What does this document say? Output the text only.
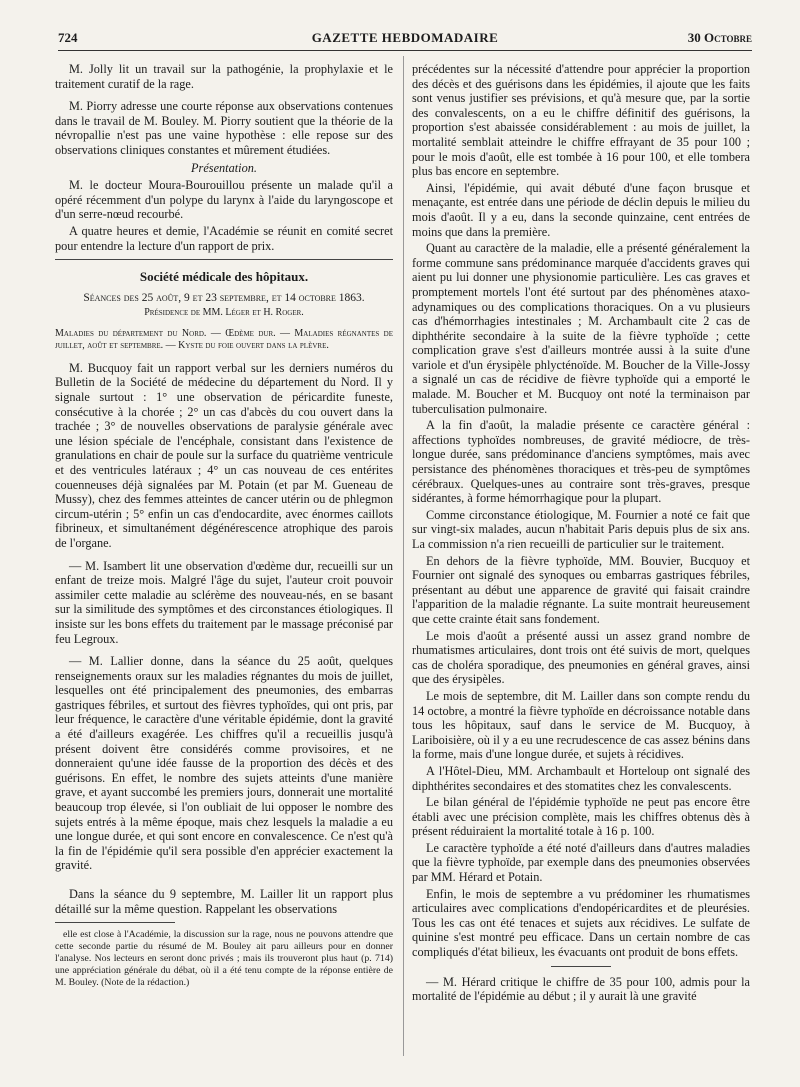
724	GAZETTE HEBDOMADAIRE	30 Octobre

M. Jolly lit un travail sur la pathogénie, la prophylaxie et le traitement curatif de la rage.

M. Piorry adresse une courte réponse aux observations contenues dans le travail de M. Bouley. M. Piorry soutient que la théorie de la névropallie n'est pas une vaine hypothèse : elle repose sur des observations cliniques constantes et mûrement étudiées.

Présentation.

M. le docteur Moura-Bourouillou présente un malade qu'il a opéré récemment d'un polype du larynx à l'aide du laryngoscope et d'un serre-nœud recourbé.

A quatre heures et demie, l'Académie se réunit en comité secret pour entendre la lecture d'un rapport de prix.

Société médicale des hôpitaux.

Séances des 25 août, 9 et 23 septembre, et 14 octobre 1863.

Présidence de MM. Léger et H. Roger.

Maladies du département du Nord. — Œdème dur. — Maladies régnantes de juillet, août et septembre. — Kyste du foie ouvert dans la plèvre.

M. Bucquoy fait un rapport verbal sur les derniers numéros du Bulletin de la Société de médecine du département du Nord. Il y signale surtout : 1° une observation de péricardite funeste, consécutive à la chorée ; 2° un cas d'abcès du cou ouvert dans la trachée ; 3° de nouvelles observations de paralysie générale avec une lésion spéciale de l'encéphale, consistant dans l'existence de granulations en chair de poule sur la surface du quatrième ventricule et des ventricules latéraux ; 4° un cas nouveau de ces entérites couenneuses déjà signalées par M. Potain (et par M. Gueneau de Mussy), chez des femmes atteintes de cancer utérin ou de phlegmon circum-utérin ; 5° enfin un cas d'endocardite, avec énormes caillots fibrineux, et simultanément dégénérescence atrophique des parois de l'organe.

— M. Isambert lit une observation d'œdème dur, recueilli sur un enfant de treize mois. Malgré l'âge du sujet, l'auteur croit pouvoir assimiler cette maladie au sclérème des nouveau-nés, en se basant sur la similitude des symptômes et des circonstances étiologiques. Il insiste sur les bons effets du traitement par le massage préconisé par feu Legroux.

— M. Lallier donne, dans la séance du 25 août, quelques renseignements oraux sur les maladies régnantes du mois de juillet, lesquelles ont été principalement des pneumonies, des embarras gastriques fébriles, et surtout des fièvres typhoïdes, qui ont pris, par leur fréquence, le caractère d'une véritable épidémie, dont la gravité a été d'ailleurs exagérée. Les chiffres qu'il a recueillis jusqu'à présent doivent être considérés comme provisoires, et ne donneraient qu'une idée fausse de la proportion des décès et des guérisons. En effet, le nombre des sujets atteints d'une manière grave, et ayant succombé les premiers jours, donnerait une mortalité beaucoup trop élevée, si l'on oubliait de lui opposer le nombre des sujets entrés à la même époque, mais chez lesquels la maladie a eu une longue durée, et qui sont encore en convalescence. Ce n'est qu'à la fin de l'épidémie qu'il sera possible d'en apprécier exactement la gravité.

Dans la séance du 9 septembre, M. Lailler lit un rapport plus détaillé sur la même question. Rappelant les observations

elle est close à l'Académie, la discussion sur la rage, nous ne pouvons attendre que cette seconde partie du résumé de M. Bouley ait paru ailleurs pour en donner l'analyse. Nos lecteurs en seront donc privés ; mais ils trouveront plus haut (p. 714) une appréciation générale du débat, où il a été tenu compte de la réponse entière de M. Bouley. (Note de la rédaction.)

précédentes sur la nécessité d'attendre pour apprécier la proportion des décès et des guérisons dans les épidémies, il ajoute que les faits sont venus justifier ses prévisions, et qu'à mesure que, par la sortie des convalescents, on a eu le chiffre définitif des guérisons, la proportion s'est abaissée considérablement : au mois de juillet, la mortalité semblait atteindre le chiffre effrayant de 35 pour 100 ; pour le mois d'août, elle est tombée à 16 pour 100, et elle tombera plus bas encore en septembre.

Ainsi, l'épidémie, qui avait débuté d'une façon brusque et menaçante, est entrée dans une période de déclin depuis le milieu du mois d'août. Il y a eu, dans la seconde quinzaine, cent entrées de moins que dans la première.

Quant au caractère de la maladie, elle a présenté généralement la forme commune sans prédominance marquée d'accidents graves qui aient pu lui donner une physionomie particulière. Les cas graves et promptement mortels l'ont été surtout par des phénomènes ataxo-adynamiques ou des complications thoraciques. On a vu plusieurs cas d'hémorrhagies intestinales ; M. Archambault cite 2 cas de diphthérite secondaire à la suite de la fièvre typhoïde ; cette complication grave s'est d'ailleurs montrée aussi à la suite d'une variole et d'un érysipèle phlycténoïde. M. Boucher de la Ville-Jossy a signalé un cas de récidive de fièvre typhoïde qui a emporté le malade. M. Boucher et M. Bucquoy ont noté la terminaison par tuberculisation pulmonaire.

A la fin d'août, la maladie présente ce caractère général : affections typhoïdes nombreuses, de gravité médiocre, de très-longue durée, sans prédominance d'anciens symptômes, mais avec persistance des phénomènes thoraciques et très-peu de symptômes cérébraux. Quelques-unes au contraire sont très-graves, presque sidérantes, à forme hémorrhagique pour la plupart.

Comme circonstance étiologique, M. Fournier a noté ce fait que sur vingt-six malades, aucun n'habitait Paris depuis plus de six ans. La commission n'a rien recueilli de particulier sur le traitement.

En dehors de la fièvre typhoïde, MM. Bouvier, Bucquoy et Fournier ont signalé des synoques ou embarras gastriques fébriles, présentant au début une apparence de gravité qui faisait craindre l'apparition de la maladie régnante. La suite montrait heureusement que cette crainte était sans fondement.

Le mois d'août a présenté aussi un assez grand nombre de rhumatismes articulaires, dont trois ont été suivis de mort, quelques cas de choléra sporadique, des pneumonies en général graves, ainsi que des érysipèles.

Le mois de septembre, dit M. Lailler dans son compte rendu du 14 octobre, a montré la fièvre typhoïde en décroissance notable dans tous les hôpitaux, sauf dans le service de M. Bucquoy, à Lariboisière, où il y a eu une recrudescence de cas assez bénins dans la forme, mais d'une longue durée, et sujets à récidives.

A l'Hôtel-Dieu, MM. Archambault et Horteloup ont signalé des diphthérites secondaires et des stomatites chez les convalescents.

Le bilan général de l'épidémie typhoïde ne peut pas encore être établi avec une précision complète, mais les chiffres obtenus dès à présent réduiraient la mortalité totale à 16 p. 100.

Le caractère typhoïde a été noté d'ailleurs dans d'autres maladies que la fièvre typhoïde, par exemple dans des pneumonies observées par MM. Hérard et Potain.

Enfin, le mois de septembre a vu prédominer les rhumatismes articulaires avec complications d'endopéricardites et de pleurésies. Tous les cas ont été tenaces et sujets aux récidives. Le sulfate de quinine s'est montré peu efficace. Dans un certain nombre de cas compliqués d'état bilieux, les évacuants ont produit de bons effets.

— M. Hérard critique le chiffre de 35 pour 100, admis pour la mortalité de l'épidémie au début ; il y aurait là une gravité
